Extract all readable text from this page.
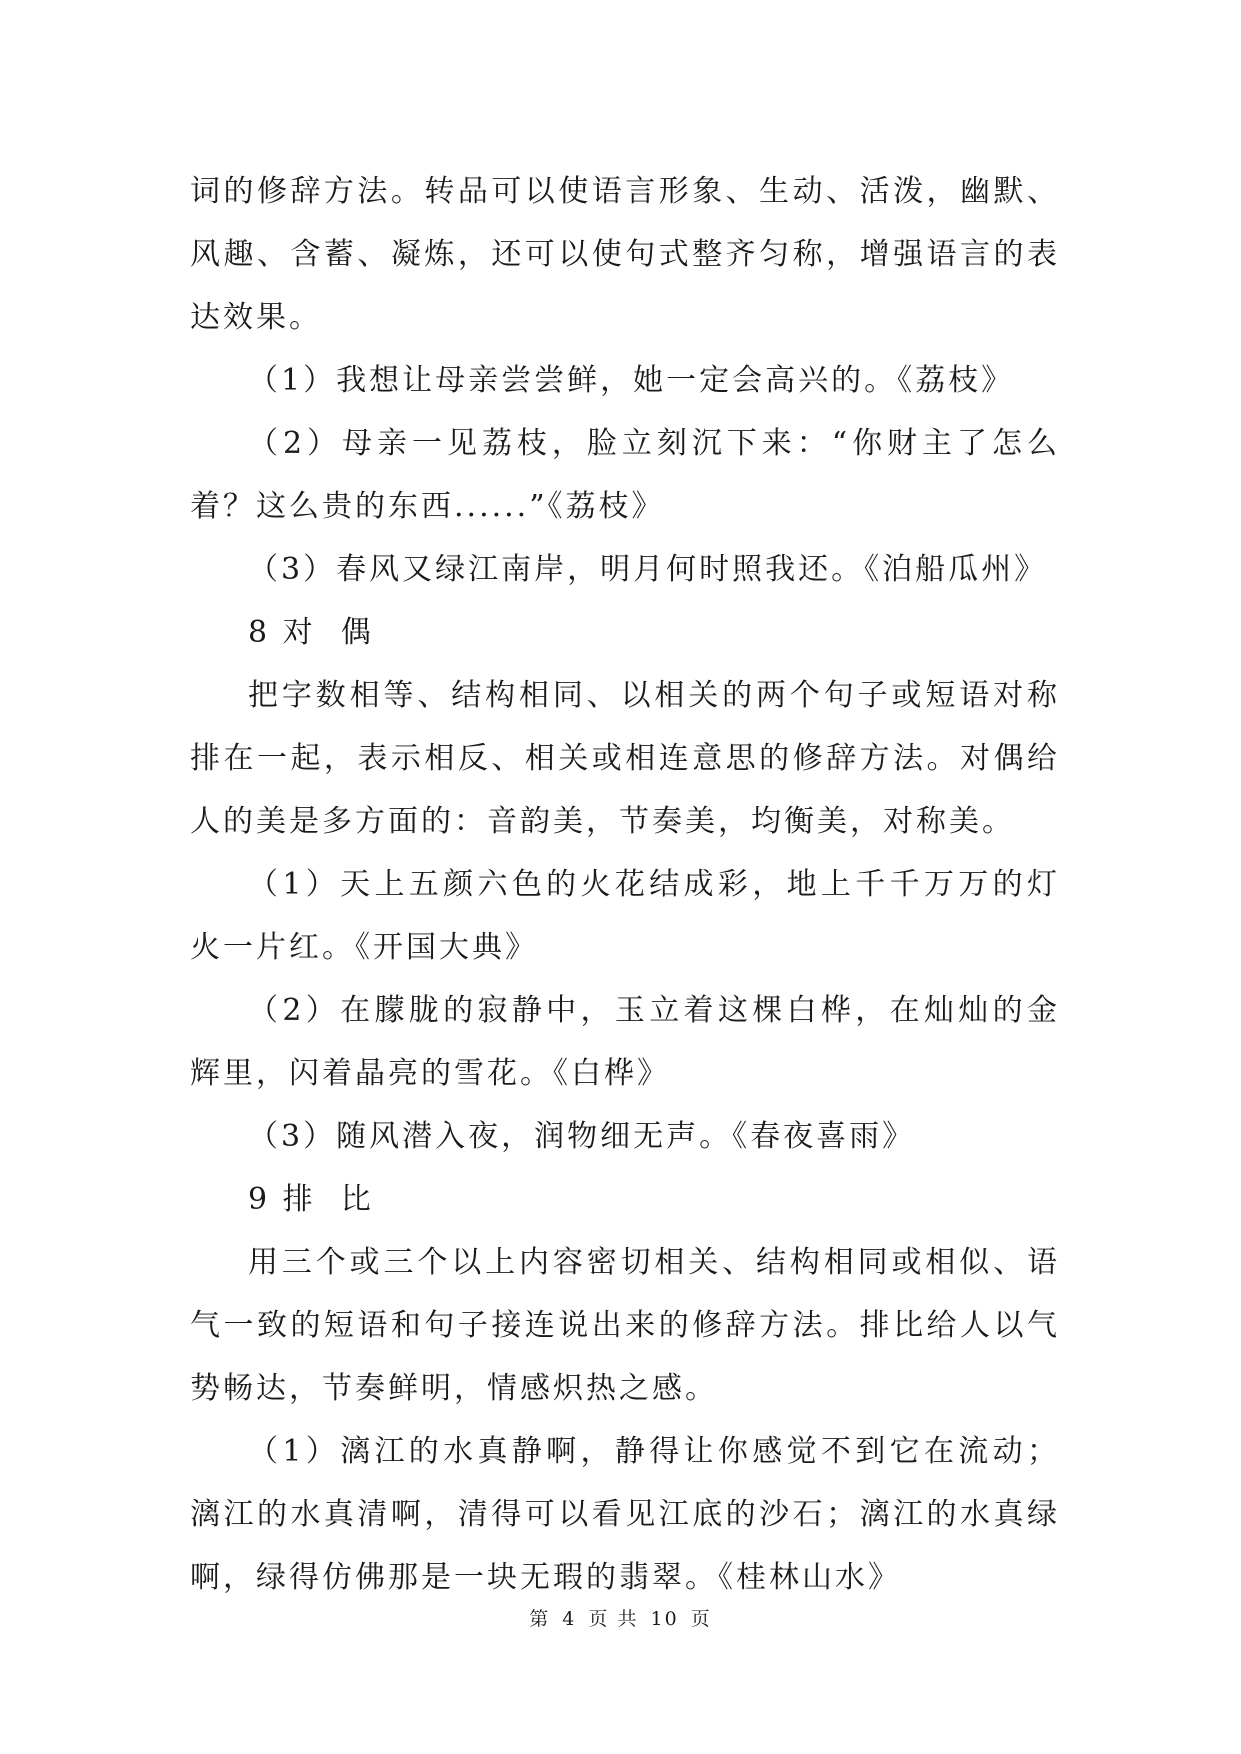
词的修辞方法。转品可以使语言形象、生动、活泼，幽默、风趣、含蓄、凝炼，还可以使句式整齐匀称，增强语言的表达效果。

（1）我想让母亲尝尝鲜，她一定会高兴的。《荔枝》

（2）母亲一见荔枝，脸立刻沉下来：“你财主了怎么着？这么贵的东西......”《荔枝》

（3）春风又绿江南岸，明月何时照我还。《泊船瓜州》

8 对  偶

把字数相等、结构相同、以相关的两个句子或短语对称排在一起，表示相反、相关或相连意思的修辞方法。对偶给人的美是多方面的：音韵美，节奏美，均衡美，对称美。

（1）天上五颜六色的火花结成彩，地上千千万万的灯火一片红。《开国大典》

（2）在朦胧的寂静中，玉立着这棵白桦，在灿灿的金辉里，闪着晶亮的雪花。《白桦》

（3）随风潜入夜，润物细无声。《春夜喜雨》

9 排  比

用三个或三个以上内容密切相关、结构相同或相似、语气一致的短语和句子接连说出来的修辞方法。排比给人以气势畅达，节奏鲜明，情感炽热之感。

（1）漓江的水真静啊，静得让你感觉不到它在流动；漓江的水真清啊，清得可以看见江底的沙石；漓江的水真绿啊，绿得仿佛那是一块无瑕的翡翠。《桂林山水》

第 4 页 共 10 页
